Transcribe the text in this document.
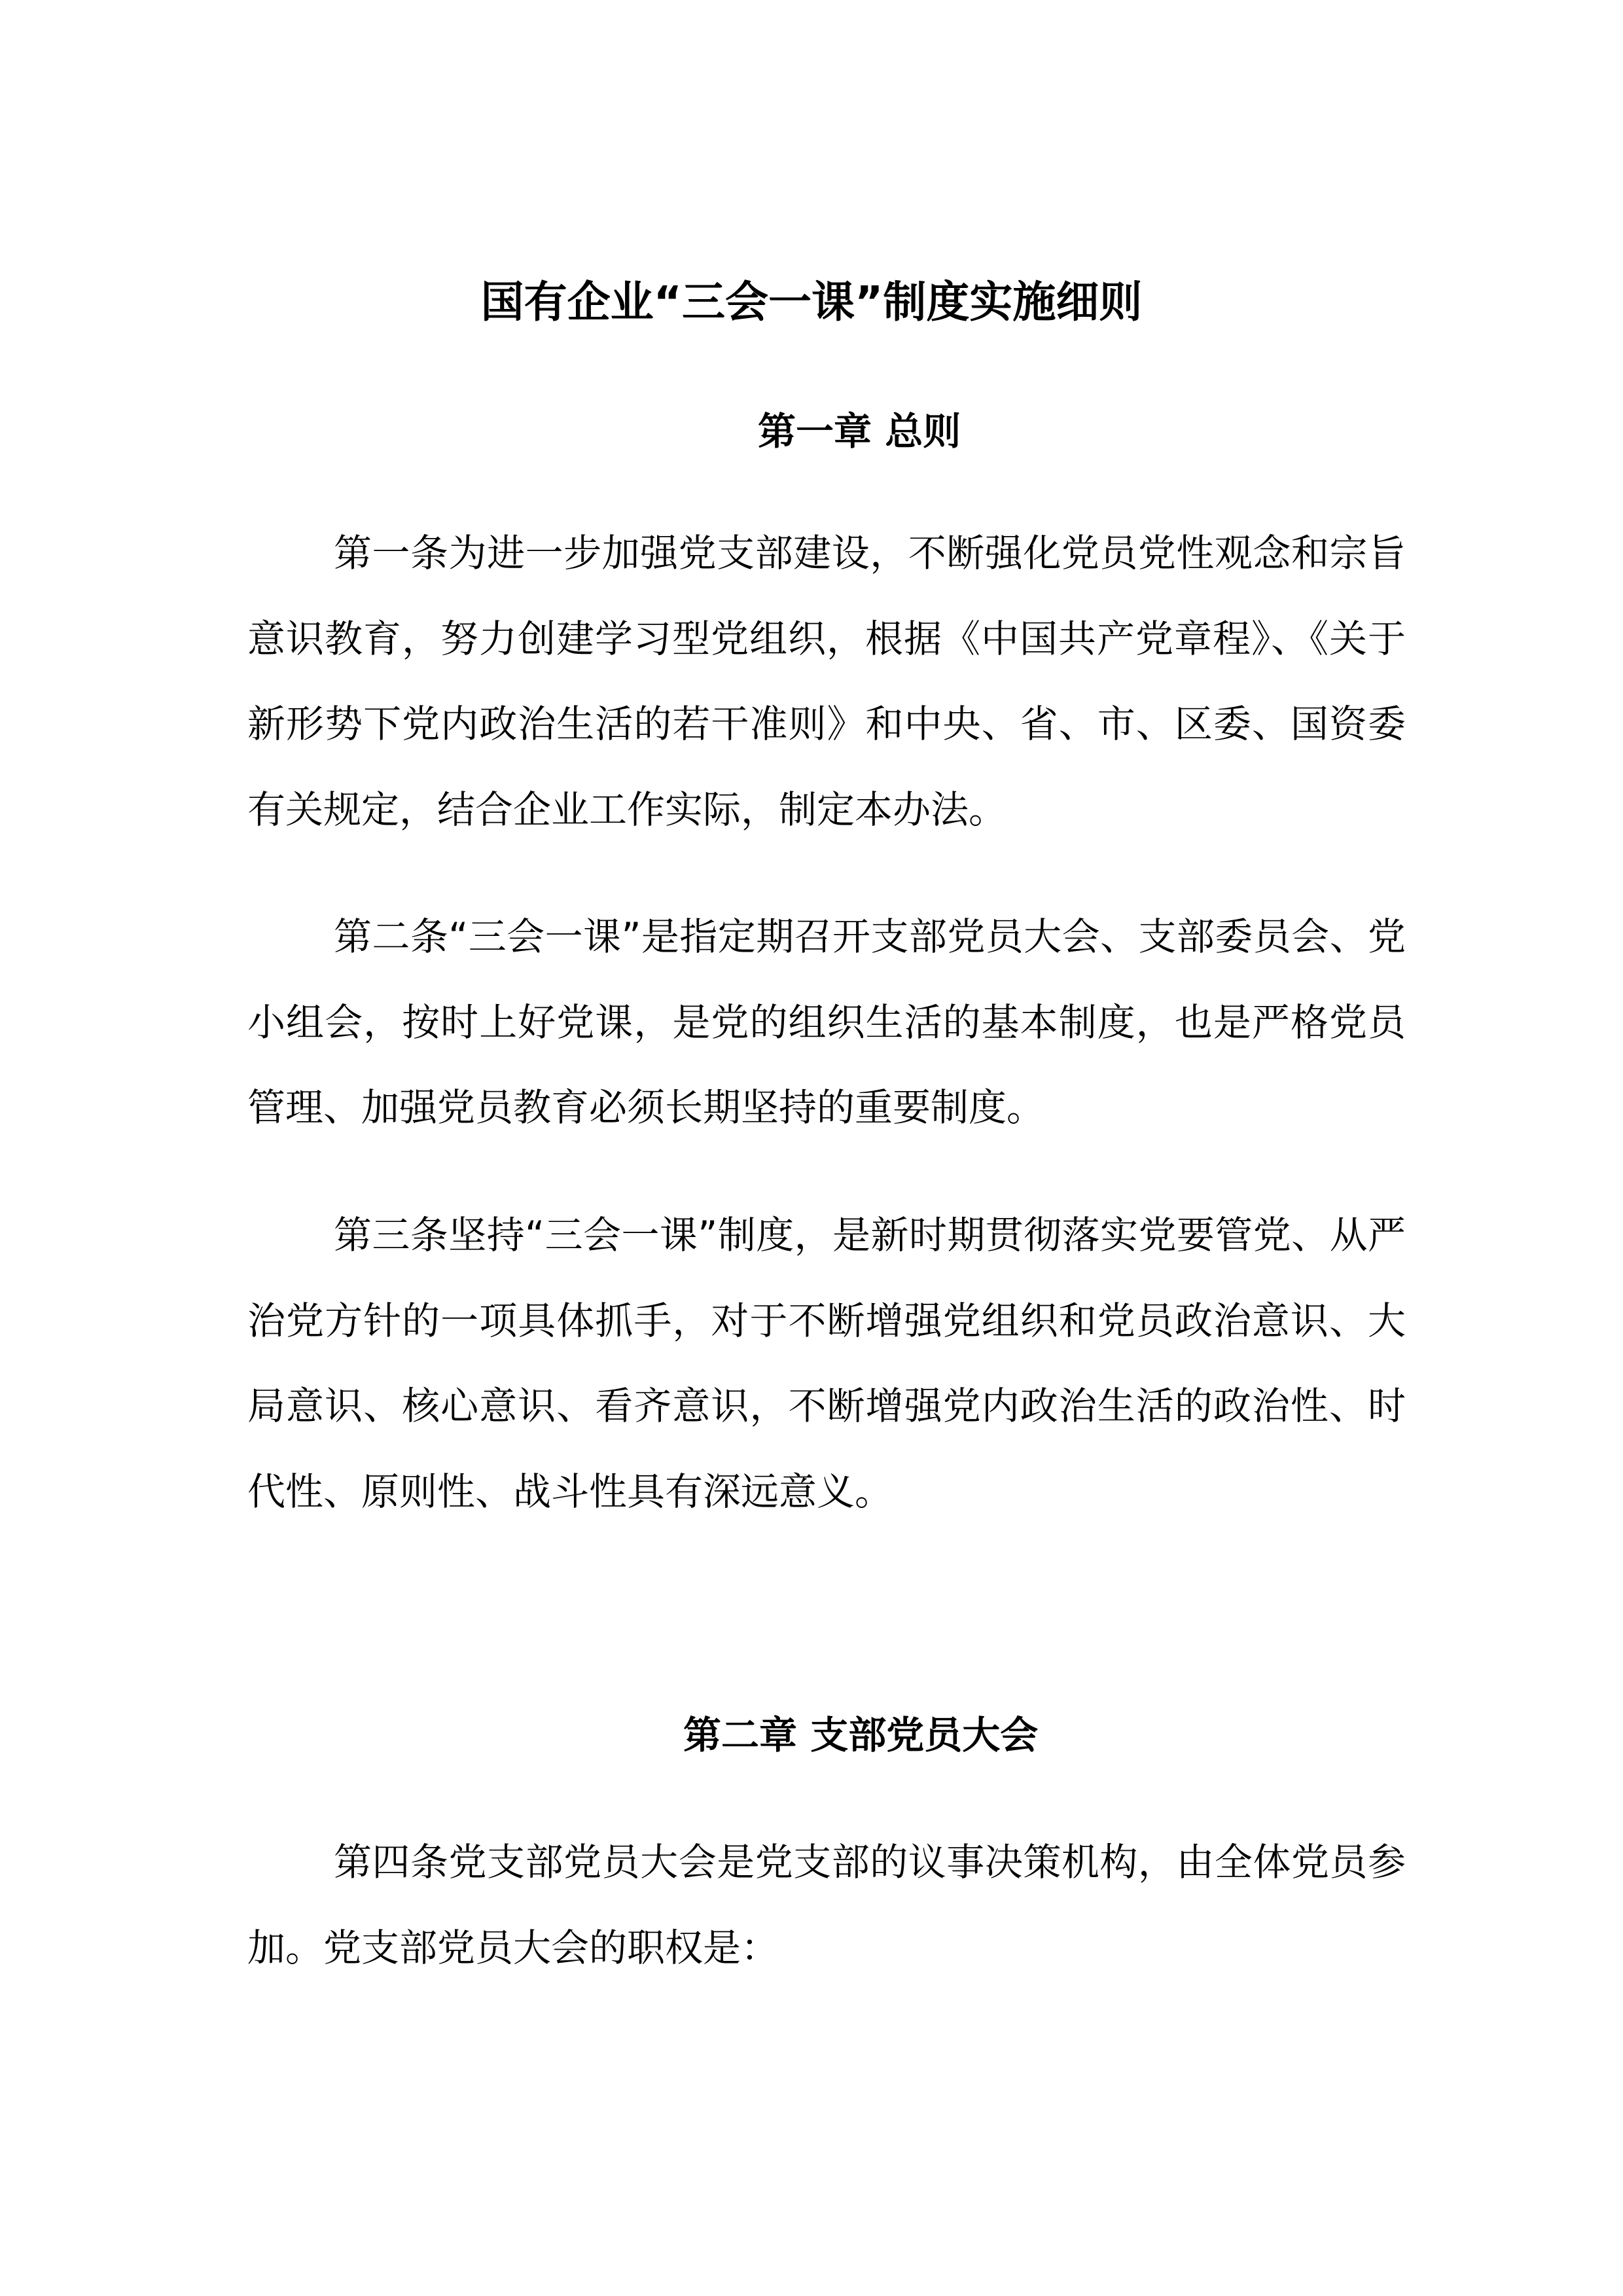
国有企业“三会一课”制度实施细则
第一章 总则

第一条为进一步加强党支部建设，不断强化党员党性观念和宗旨意识教育，努力创建学习型党组织，根据《中国共产党章程》、《关于新形势下党内政治生活的若干准则》和中央、省、市、区委、国资委有关规定，结合企业工作实际，制定本办法。

第二条“三会一课”是指定期召开支部党员大会、支部委员会、党小组会，按时上好党课，是党的组织生活的基本制度，也是严格党员管理、加强党员教育必须长期坚持的重要制度。

第三条坚持“三会一课”制度，是新时期贯彻落实党要管党、从严治党方针的一项具体抓手，对于不断增强党组织和党员政治意识、大局意识、核心意识、看齐意识，不断增强党内政治生活的政治性、时代性、原则性、战斗性具有深远意义。

第二章 支部党员大会

第四条党支部党员大会是党支部的议事决策机构，由全体党员参加。党支部党员大会的职权是：
